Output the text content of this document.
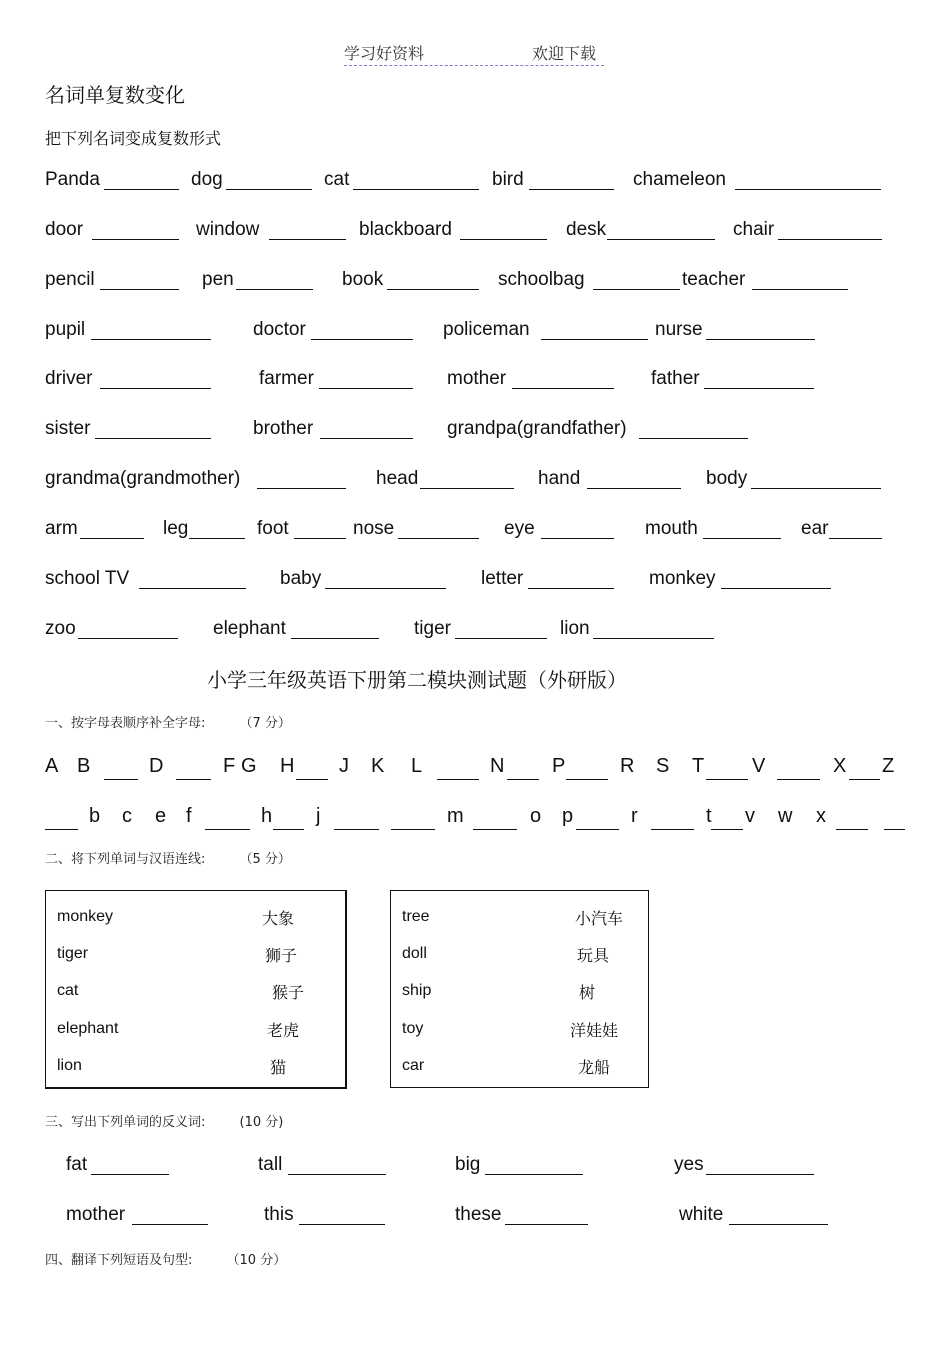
学习好资料	欢迎下载
名词单复数变化
把下列名词变成复数形式
Panda	dog	cat	bird	chameleon
door	window	blackboard	desk	chair
pencil	pen	book	schoolbag	teacher
pupil	doctor	policeman	nurse
driver	farmer	mother	father
sister	brother	grandpa(grandfather)
grandma(grandmother)	head	hand	body
arm	leg	foot	nose	eye	mouth	ear
school TV	baby	letter	monkey
zoo	elephant	tiger	lion
小学三年级英语下册第二模块测试题（外研版）
一、按字母表顺序补全字母:	（7 分）
A B	D	F G H J K L	N P	R S T V	X Z
b c e f	h j	m	o p	r	t v w x
二、将下列单词与汉语连线:	（5 分）
monkey
tiger
cat
elephant
lion
大象
狮子
猴子
老虎
猫
tree
doll
ship
toy
car
小汽车
玩具
树
洋娃娃
龙船
三、写出下列单词的反义词:	(10 分)
fat	tall	big	yes
mother	this	these	white
四、翻译下列短语及句型:	（10 分）
